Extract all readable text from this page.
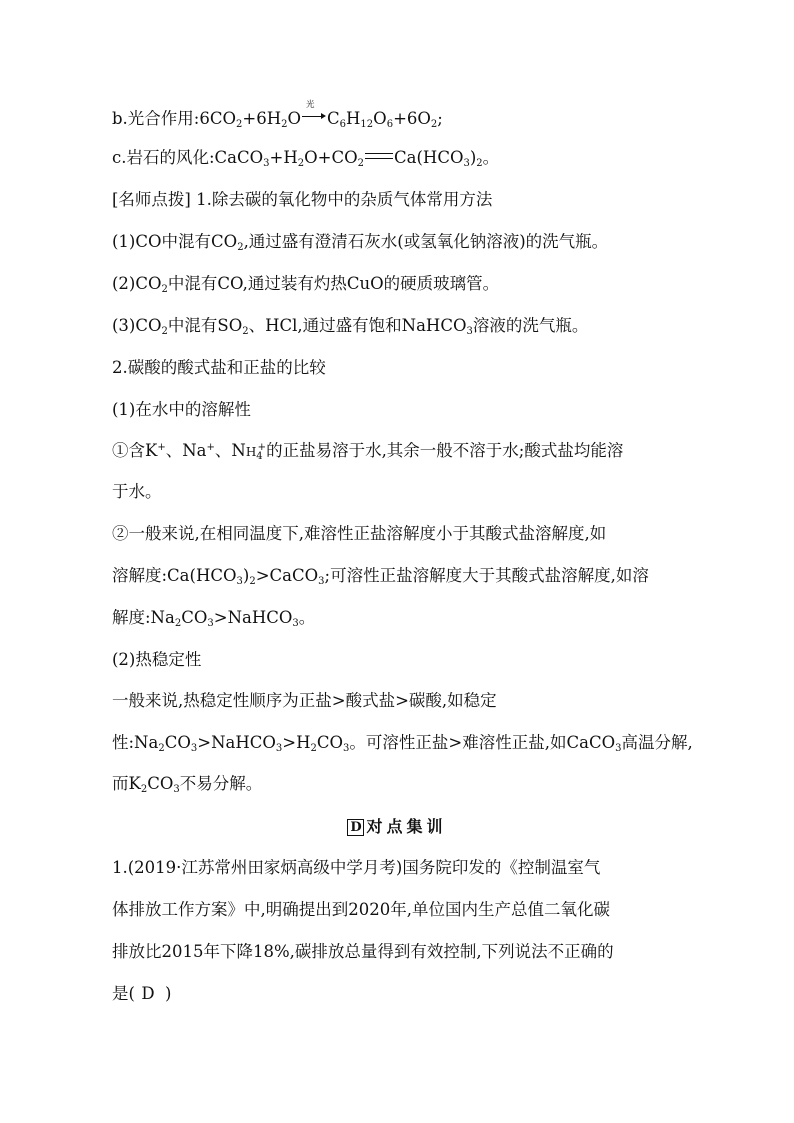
b.光合作用$:6CO_2+6H_2O$
光
$C_6H_{12}O_6+6O_2$;
c.岩石的风化$:CaCO_3+H_2O+CO_2$ $Ca(HCO_3)_2$。
[名师点拨] 1.除去碳的氧化物中的杂质气体常用方法
(1)CO中混有$CO_2$,通过盛有澄清石灰水(或氢氧化钠溶液)的洗气瓶。
$(2)CO_2$中混有CO,通过装有灼热CuO的硬质玻璃管。
$(3)CO_2$中混有$SO_2$、HCl,通过盛有饱和NaHCO$_3$溶液的洗气瓶。
2.碳酸的酸式盐和正盐的比较
(1)在水中的溶解性
①含K+、Na+、$NH_4^+$的正盐易溶于水,其余一般不溶于水;酸式盐均能溶
于水。
②一般来说,在相同温度下,难溶性正盐溶解度小于其酸式盐溶解度,如
溶解度$:Ca(HCO_3)_2>CaCO_3$;可溶性正盐溶解度大于其酸式盐溶解度,如溶
解度$:Na_2CO_3>NaHCO_3$。
(2)热稳定性
一般来说,热稳定性顺序为正盐>酸式盐>碳酸,如稳定
性$:Na_2CO_3>NaHCO_3>H_2CO_3$。可溶性正盐>难溶性正盐,如CaCO$_3$高温分解,
而$K_2CO_3$不易分解。
D 对点集训
1.(2019·江苏常州田家炳高级中学月考)国务院印发的《控制温室气
体排放工作方案》中,明确提出到2020年,单位国内生产总值二氧化碳
排放比2015年下降18%,碳排放总量得到有效控制,下列说法不正确的
是( D )
